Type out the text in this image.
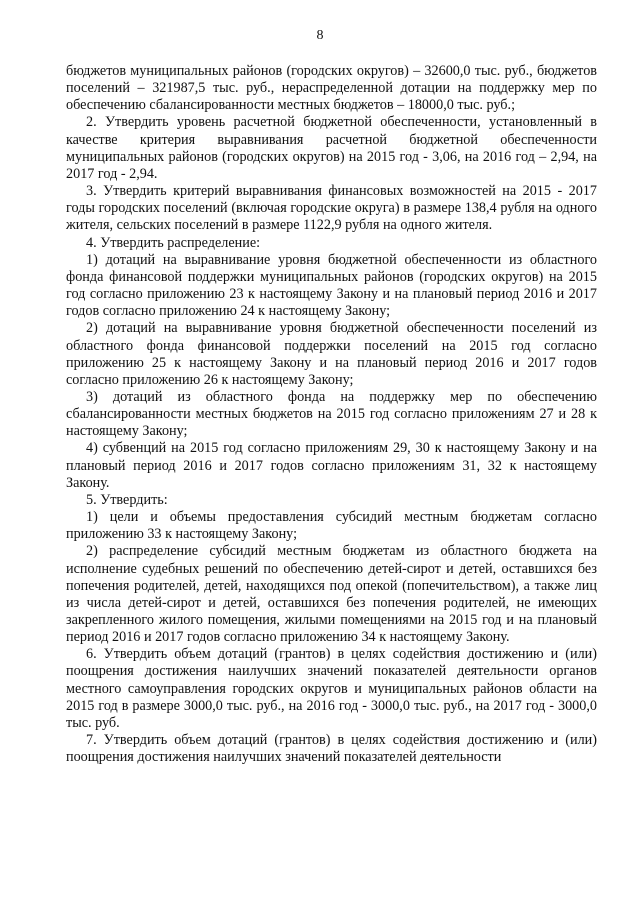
8

бюджетов муниципальных районов (городских округов) – 32600,0 тыс. руб., бюджетов поселений – 321987,5 тыс. руб., нераспределенной дотации на поддержку мер по обеспечению сбалансированности местных бюджетов – 18000,0 тыс. руб.;

2. Утвердить уровень расчетной бюджетной обеспеченности, установленный в качестве критерия выравнивания расчетной бюджетной обеспеченности муниципальных районов (городских округов) на 2015 год - 3,06, на 2016 год – 2,94, на 2017 год - 2,94.

3. Утвердить критерий выравнивания финансовых возможностей на 2015 - 2017 годы городских поселений (включая городские округа) в размере 138,4 рубля на одного жителя, сельских поселений в размере 1122,9 рубля на одного жителя.

4. Утвердить распределение:

1) дотаций на выравнивание уровня бюджетной обеспеченности из областного фонда финансовой поддержки муниципальных районов (городских округов) на 2015 год согласно приложению 23 к настоящему Закону и на плановый период 2016 и 2017 годов согласно приложению 24 к настоящему Закону;

2) дотаций на выравнивание уровня бюджетной обеспеченности поселений из областного фонда финансовой поддержки поселений на 2015 год согласно приложению 25 к настоящему Закону и на плановый период 2016 и 2017 годов согласно приложению 26 к настоящему Закону;

3) дотаций из областного фонда на поддержку мер по обеспечению сбалансированности местных бюджетов на 2015 год согласно приложениям 27 и 28 к настоящему Закону;

4) субвенций на 2015 год согласно приложениям 29, 30 к настоящему Закону и на плановый период 2016 и 2017 годов согласно приложениям 31, 32 к настоящему Закону.

5. Утвердить:

1) цели и объемы предоставления субсидий местным бюджетам согласно приложению 33 к настоящему Закону;

2) распределение субсидий местным бюджетам из областного бюджета на исполнение судебных решений по обеспечению детей-сирот и детей, оставшихся без попечения родителей, детей, находящихся под опекой (попечительством), а также лиц из числа детей-сирот и детей, оставшихся без попечения родителей, не имеющих закрепленного жилого помещения, жилыми помещениями на 2015 год и на плановый период 2016 и 2017 годов согласно приложению 34 к настоящему Закону.

6. Утвердить объем дотаций (грантов) в целях содействия достижению и (или) поощрения достижения наилучших значений показателей деятельности органов местного самоуправления городских округов и муниципальных районов области на 2015 год в размере 3000,0 тыс. руб., на 2016 год - 3000,0 тыс. руб., на 2017 год - 3000,0 тыс. руб.

7. Утвердить объем дотаций (грантов) в целях содействия достижению и (или) поощрения достижения наилучших значений показателей деятельности
